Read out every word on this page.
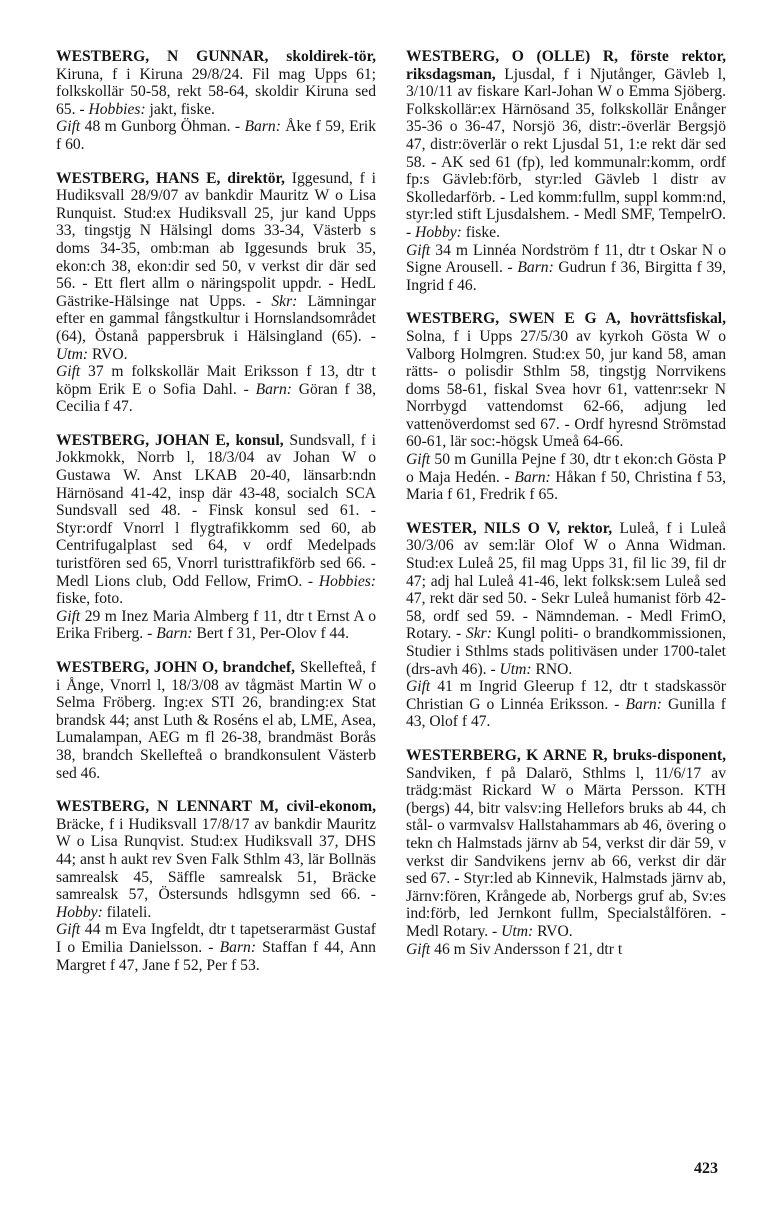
WESTBERG, N GUNNAR, skoldirek-tör, Kiruna, f i Kiruna 29/8/24. Fil mag Upps 61; folkskollär 50-58, rekt 58-64, skoldir Kiruna sed 65. - Hobbies: jakt, fiske.

Gift 48 m Gunborg Öhman. - Barn: Åke f 59, Erik f 60.

WESTBERG, HANS E, direktör, Iggesund, f i Hudiksvall 28/9/07 av bankdir Mauritz W o Lisa Runquist. Stud:ex Hudiksvall 25, jur kand Upps 33, tingstjg N Hälsingl doms 33-34, Västerb s doms 34-35, omb:man ab Iggesunds bruk 35, ekon:ch 38, ekon:dir sed 50, v verkst dir där sed 56. - Ett flert allm o näringspolit uppdr. - HedL Gästrike-Hälsinge nat Upps. - Skr: Lämningar efter en gammal fångstkultur i Hornslandsområdet (64), Östanå pappersbruk i Hälsingland (65). - Utm: RVO.

Gift 37 m folkskollär Mait Eriksson f 13, dtr t köpm Erik E o Sofia Dahl. - Barn: Göran f 38, Cecilia f 47.

WESTBERG, JOHAN E, konsul, Sundsvall, f i Jokkmokk, Norrb l, 18/3/04 av Johan W o Gustawa W. Anst LKAB 20-40, länsarb:ndn Härnösand 41-42, insp där 43-48, socialch SCA Sundsvall sed 48. - Finsk konsul sed 61. - Styr:ordf Vnorrl l flygtrafikkomm sed 60, ab Centrifugalplast sed 64, v ordf Medelpads turistfören sed 65, Vnorrl turisttrafikförb sed 66. - Medl Lions club, Odd Fellow, FrimO. - Hobbies: fiske, foto.

Gift 29 m Inez Maria Almberg f 11, dtr t Ernst A o Erika Friberg. - Barn: Bert f 31, Per-Olov f 44.

WESTBERG, JOHN O, brandchef, Skellefteå, f i Ånge, Vnorrl l, 18/3/08 av tågmäst Martin W o Selma Fröberg. Ing:ex STI 26, branding:ex Stat brandsk 44; anst Luth & Roséns el ab, LME, Asea, Lumalampan, AEG m fl 26-38, brandmäst Borås 38, brandch Skellefteå o brandkonsulent Västerb sed 46.

WESTBERG, N LENNART M, civil-ekonom, Bräcke, f i Hudiksvall 17/8/17 av bankdir Mauritz W o Lisa Runqvist. Stud:ex Hudiksvall 37, DHS 44; anst h aukt rev Sven Falk Sthlm 43, lär Bollnäs samrealsk 45, Säffle samrealsk 51, Bräcke samrealsk 57, Östersunds hdlsgymn sed 66. - Hobby: filateli.

Gift 44 m Eva Ingfeldt, dtr t tapetserarmäst Gustaf I o Emilia Danielsson. - Barn: Staffan f 44, Ann Margret f 47, Jane f 52, Per f 53.

WESTBERG, O (OLLE) R, förste rektor, riksdagsman, Ljusdal, f i Njutånger, Gävleb l, 3/10/11 av fiskare Karl-Johan W o Emma Sjöberg. Folkskollär:ex Härnösand 35, folkskollär Enånger 35-36 o 36-47, Norsjö 36, distr:-överlär Bergsjö 47, distr:överlär o rekt Ljusdal 51, 1:e rekt där sed 58. - AK sed 61 (fp), led kommunalr:komm, ordf fp:s Gävleb:förb, styr:led Gävleb l distr av Skolledarförb. - Led komm:fullm, suppl komm:nd, styr:led stift Ljusdalshem. - Medl SMF, TempelrO. - Hobby: fiske.

Gift 34 m Linnéa Nordström f 11, dtr t Oskar N o Signe Arousell. - Barn: Gudrun f 36, Birgitta f 39, Ingrid f 46.

WESTBERG, SWEN E G A, hovrättsfiskal, Solna, f i Upps 27/5/30 av kyrkoh Gösta W o Valborg Holmgren. Stud:ex 50, jur kand 58, aman rätts- o polisdir Sthlm 58, tingstjg Norrvikens doms 58-61, fiskal Svea hovr 61, vattenr:sekr N Norrbygd vattendomst 62-66, adjung led vattenöverdomst sed 67. - Ordf hyresnd Strömstad 60-61, lär soc:-högsk Umeå 64-66.

Gift 50 m Gunilla Pejne f 30, dtr t ekon:ch Gösta P o Maja Hedén. - Barn: Håkan f 50, Christina f 53, Maria f 61, Fredrik f 65.

WESTER, NILS O V, rektor, Luleå, f i Luleå 30/3/06 av sem:lär Olof W o Anna Widman. Stud:ex Luleå 25, fil mag Upps 31, fil lic 39, fil dr 47; adj hal Luleå 41-46, lekt folksk:sem Luleå sed 47, rekt där sed 50. - Sekr Luleå humanist förb 42-58, ordf sed 59. - Nämndeman. - Medl FrimO, Rotary. - Skr: Kungl politi- o brandkommissionen, Studier i Sthlms stads politiväsen under 1700-talet (drs-avh 46). - Utm: RNO.

Gift 41 m Ingrid Gleerup f 12, dtr t stadskassör Christian G o Linnéa Eriksson. - Barn: Gunilla f 43, Olof f 47.

WESTERBERG, K ARNE R, bruks-disponent, Sandviken, f på Dalarö, Sthlms l, 11/6/17 av trädg:mäst Rickard W o Märta Persson. KTH (bergs) 44, bitr valsv:ing Hellefors bruks ab 44, ch stål- o varmvalsv Hallstahammars ab 46, övering o tekn ch Halmstads järnv ab 54, verkst dir där 59, v verkst dir Sandvikens jernv ab 66, verkst dir där sed 67. - Styr:led ab Kinnevik, Halmstads järnv ab, Järnv:fören, Krångede ab, Norbergs gruf ab, Sv:es ind:förb, led Jernkont fullm, Specialstålfören. - Medl Rotary. - Utm: RVO.

Gift 46 m Siv Andersson f 21, dtr t

423
